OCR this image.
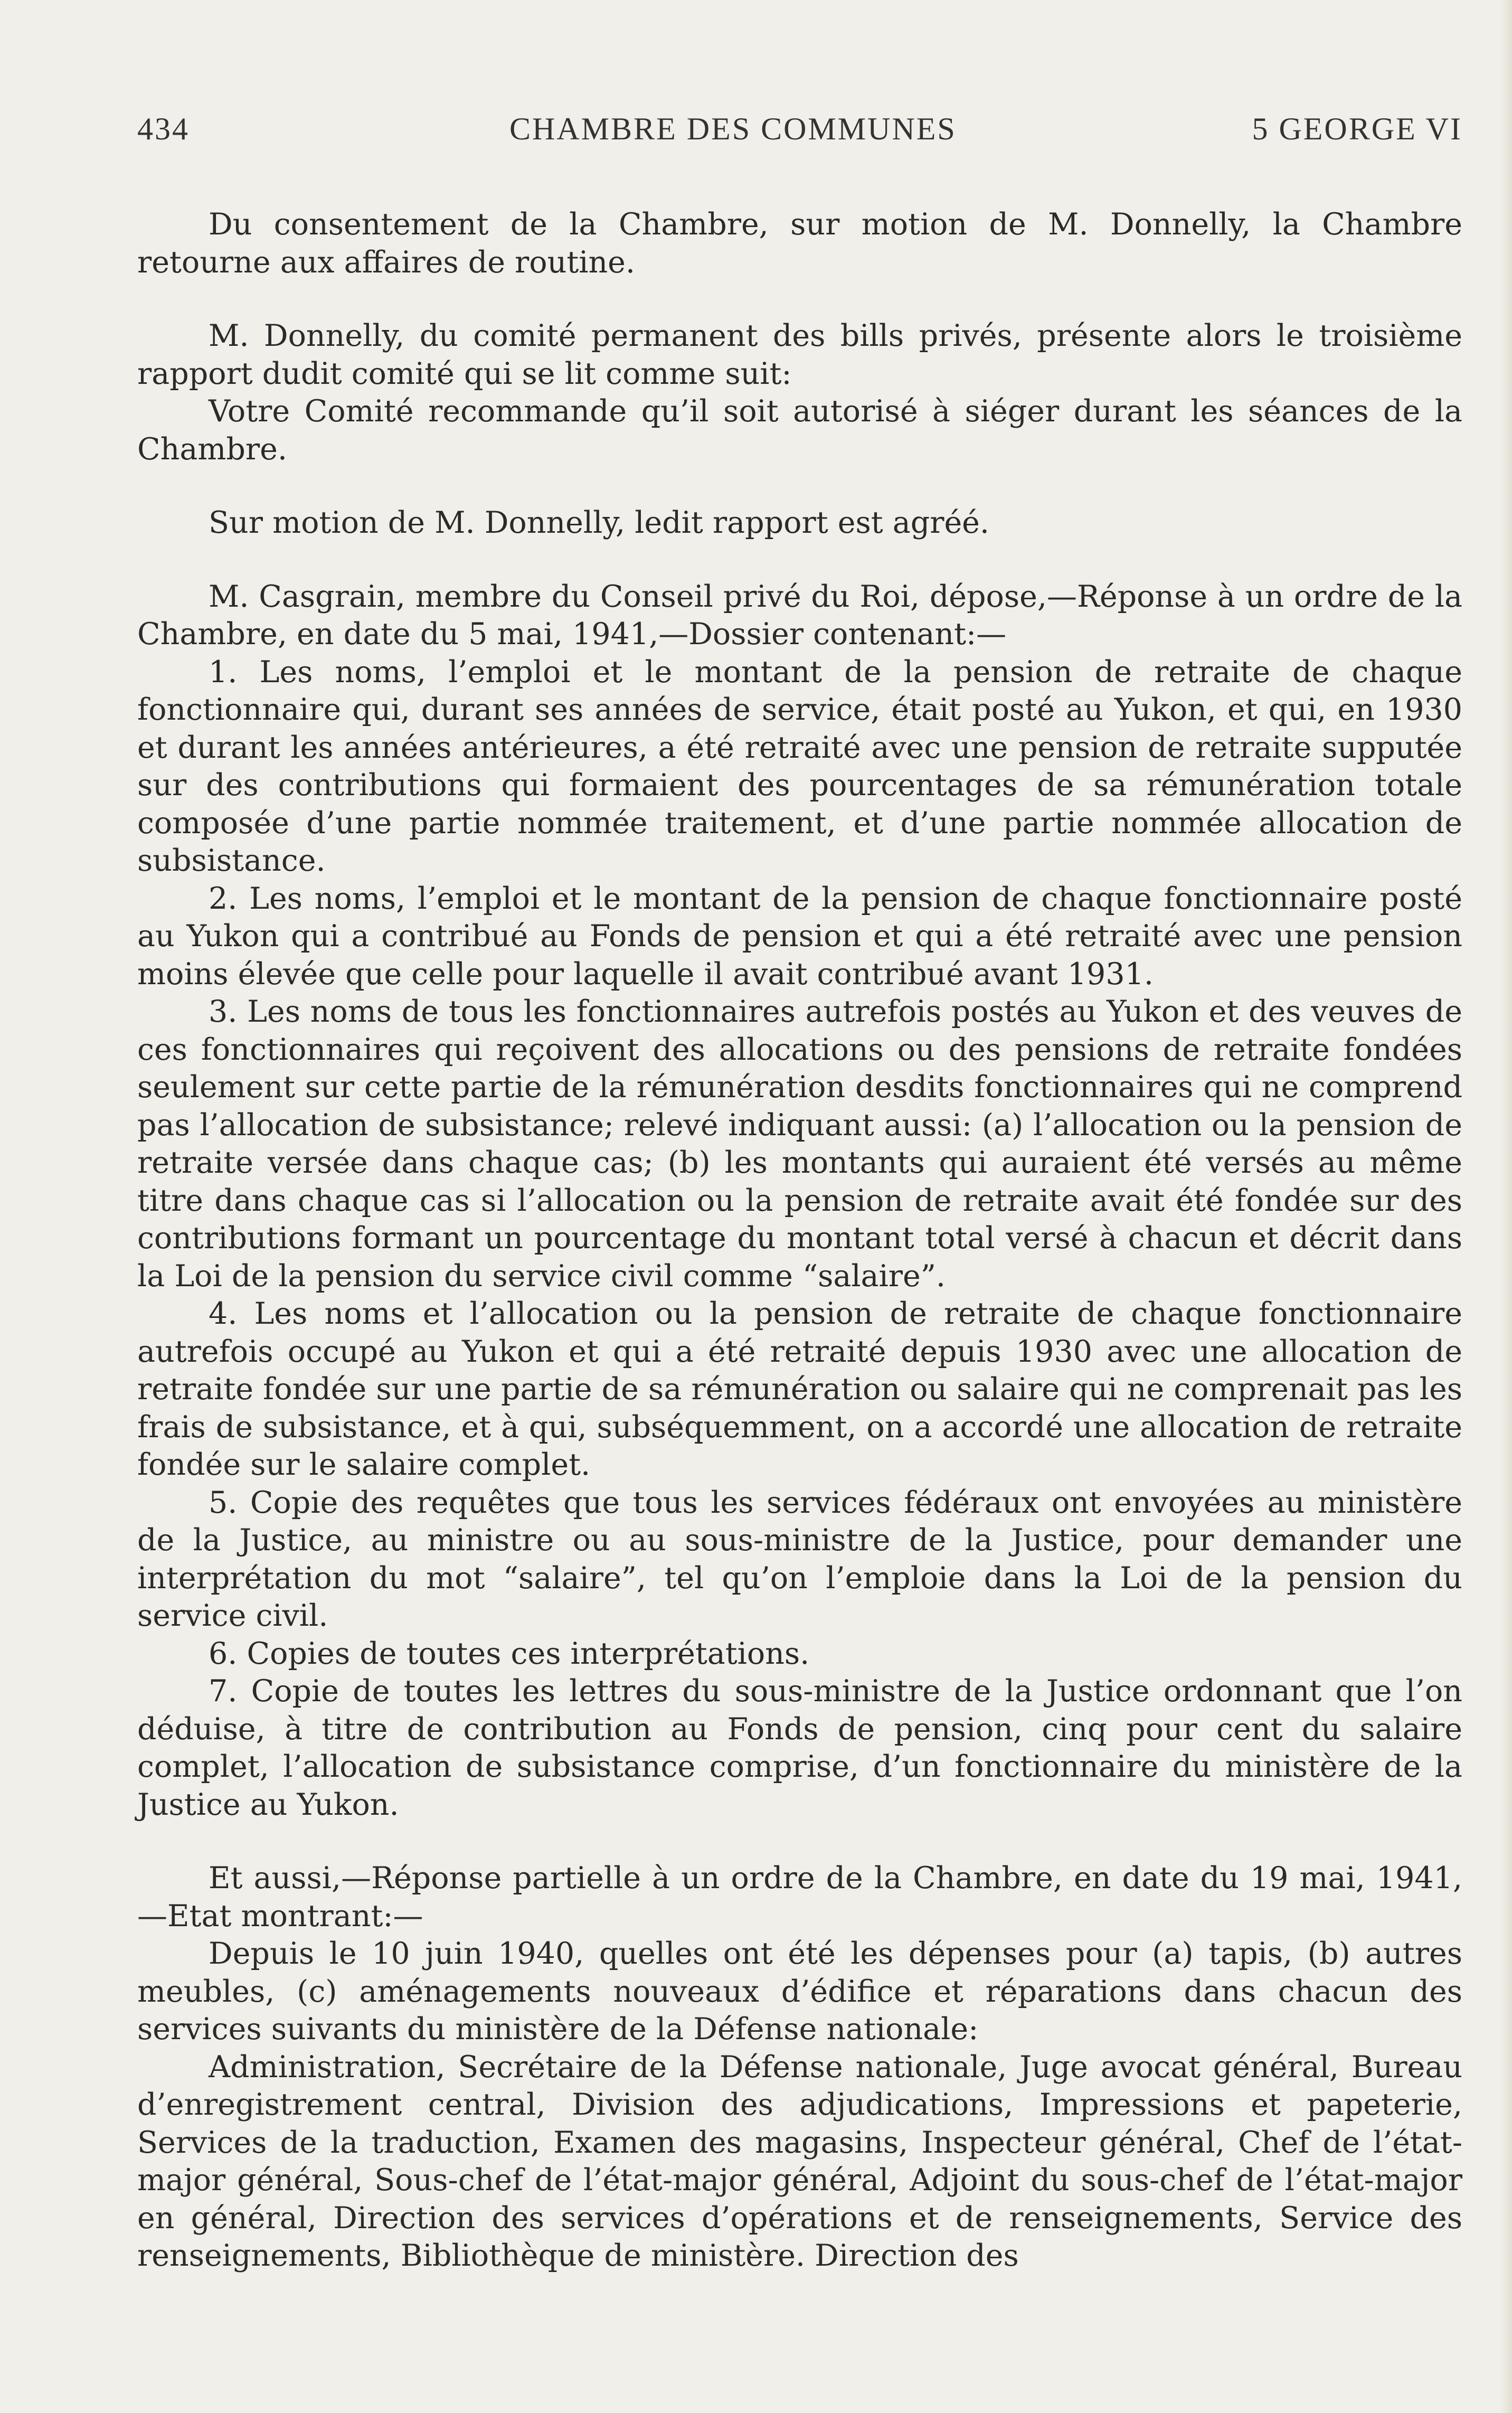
434	CHAMBRE DES COMMUNES	5 GEORGE VI

Du consentement de la Chambre, sur motion de M. Donnelly, la Chambre retourne aux affaires de routine.

M. Donnelly, du comité permanent des bills privés, présente alors le troisième rapport dudit comité qui se lit comme suit:

Votre Comité recommande qu’il soit autorisé à siéger durant les séances de la Chambre.

Sur motion de M. Donnelly, ledit rapport est agréé.

M. Casgrain, membre du Conseil privé du Roi, dépose,—Réponse à un ordre de la Chambre, en date du 5 mai, 1941,—Dossier contenant:—

1. Les noms, l’emploi et le montant de la pension de retraite de chaque fonctionnaire qui, durant ses années de service, était posté au Yukon, et qui, en 1930 et durant les années antérieures, a été retraité avec une pension de retraite supputée sur des contributions qui formaient des pourcentages de sa rémunération totale composée d’une partie nommée traitement, et d’une partie nommée allocation de subsistance.

2. Les noms, l’emploi et le montant de la pension de chaque fonctionnaire posté au Yukon qui a contribué au Fonds de pension et qui a été retraité avec une pension moins élevée que celle pour laquelle il avait contribué avant 1931.

3. Les noms de tous les fonctionnaires autrefois postés au Yukon et des veuves de ces fonctionnaires qui reçoivent des allocations ou des pensions de retraite fondées seulement sur cette partie de la rémunération desdits fonctionnaires qui ne comprend pas l’allocation de subsistance; relevé indiquant aussi: (a) l’allocation ou la pension de retraite versée dans chaque cas; (b) les montants qui auraient été versés au même titre dans chaque cas si l’allocation ou la pension de retraite avait été fondée sur des contributions formant un pourcentage du montant total versé à chacun et décrit dans la Loi de la pension du service civil comme “salaire”.

4. Les noms et l’allocation ou la pension de retraite de chaque fonctionnaire autrefois occupé au Yukon et qui a été retraité depuis 1930 avec une allocation de retraite fondée sur une partie de sa rémunération ou salaire qui ne comprenait pas les frais de subsistance, et à qui, subséquemment, on a accordé une allocation de retraite fondée sur le salaire complet.

5. Copie des requêtes que tous les services fédéraux ont envoyées au ministère de la Justice, au ministre ou au sous-ministre de la Justice, pour demander une interprétation du mot “salaire”, tel qu’on l’emploie dans la Loi de la pension du service civil.

6. Copies de toutes ces interprétations.

7. Copie de toutes les lettres du sous-ministre de la Justice ordonnant que l’on déduise, à titre de contribution au Fonds de pension, cinq pour cent du salaire complet, l’allocation de subsistance comprise, d’un fonctionnaire du ministère de la Justice au Yukon.

Et aussi,—Réponse partielle à un ordre de la Chambre, en date du 19 mai, 1941,—Etat montrant:—

Depuis le 10 juin 1940, quelles ont été les dépenses pour (a) tapis, (b) autres meubles, (c) aménagements nouveaux d’édifice et réparations dans chacun des services suivants du ministère de la Défense nationale:

Administration, Secrétaire de la Défense nationale, Juge avocat général, Bureau d’enregistrement central, Division des adjudications, Impressions et papeterie, Services de la traduction, Examen des magasins, Inspecteur général, Chef de l’état-major général, Sous-chef de l’état-major général, Adjoint du sous-chef de l’état-major en général, Direction des services d’opérations et de renseignements, Service des renseignements, Bibliothèque de ministère. Direction des
